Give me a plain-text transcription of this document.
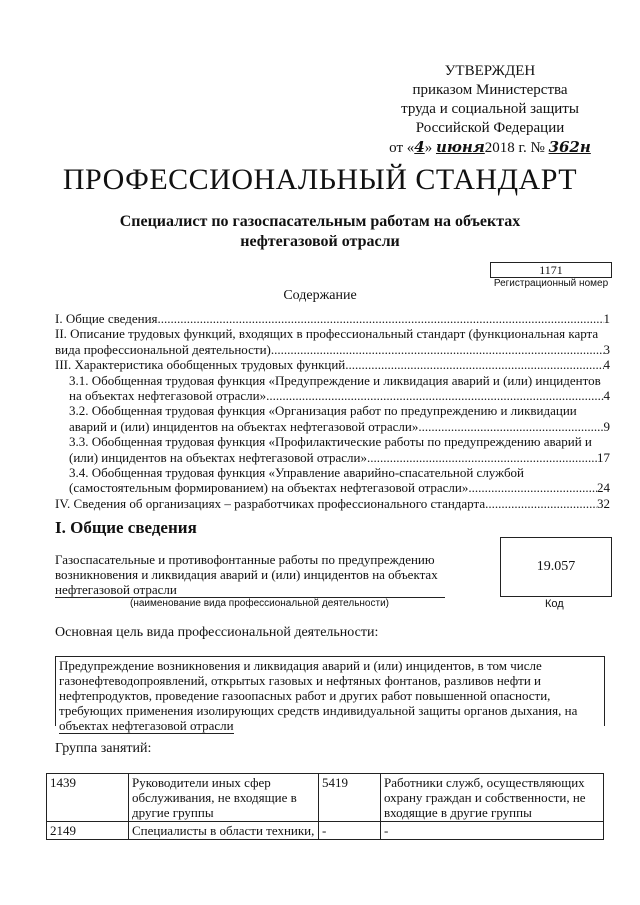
УТВЕРЖДЕН
приказом Министерства
труда и социальной защиты
Российской Федерации
от «4» июня2018 г. № 362н
ПРОФЕССИОНАЛЬНЫЙ СТАНДАРТ
Специалист по газоспасательным работам на объектах нефтегазовой отрасли
1171
Регистрационный номер
Содержание
I. Общие сведения .....	1
II. Описание трудовых функций, входящих в профессиональный стандарт (функциональная карта
вида профессиональной деятельности) .....	3
III. Характеристика обобщенных трудовых функций .....	4
3.1. Обобщенная трудовая функция «Предупреждение и ликвидация аварий и (или) инцидентов
на объектах нефтегазовой отрасли» .....	4
3.2. Обобщенная трудовая функция «Организация работ по предупреждению и ликвидации
аварий и (или) инцидентов на объектах нефтегазовой отрасли» .....	9
3.3. Обобщенная трудовая функция «Профилактические работы по предупреждению аварий и
(или) инцидентов на объектах нефтегазовой отрасли» .....	17
3.4. Обобщенная трудовая функция «Управление аварийно-спасательной службой
(самостоятельным формированием) на объектах нефтегазовой отрасли» .....	24
IV. Сведения об организациях – разработчиках профессионального стандарта .....	32
I. Общие сведения
Газоспасательные и противофонтанные работы по предупреждению
возникновения и ликвидация аварий и (или) инцидентов на объектах
нефтегазовой отрасли
(наименование вида профессиональной деятельности)
19.057
Код
Основная цель вида профессиональной деятельности:
Предупреждение возникновения и ликвидация аварий и (или) инцидентов, в том числе
газонефтеводопроявлений, открытых газовых и нефтяных фонтанов, разливов нефти и
нефтепродуктов, проведение газоопасных работ и других работ повышенной опасности,
требующих применения изолирующих средств индивидуальной защиты органов дыхания, на
объектах нефтегазовой отрасли
Группа занятий:
1439	Руководители иных сфер обслуживания, не входящие в другие группы	5419	Работники служб, осуществляющих охрану граждан и собственности, не входящие в другие группы
2149	Специалисты в области техники,	-	-
